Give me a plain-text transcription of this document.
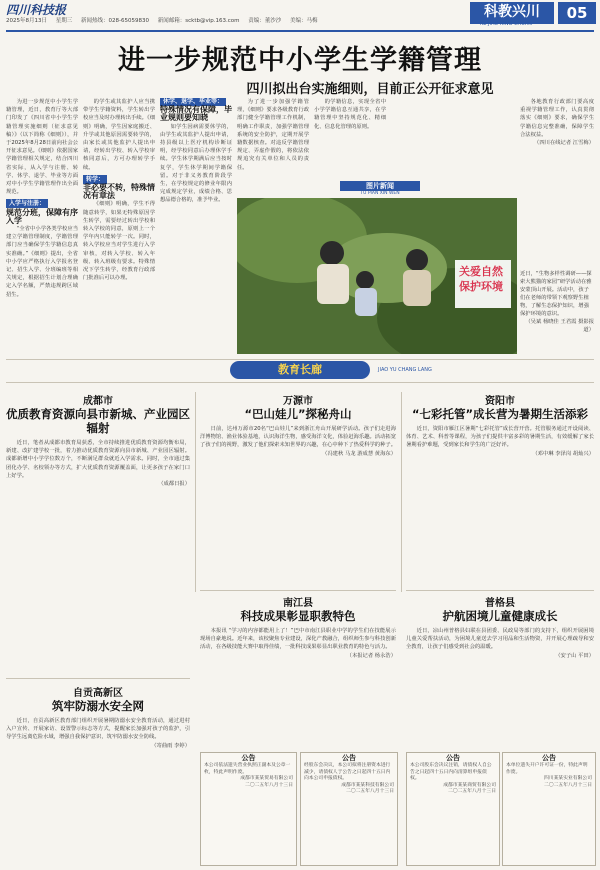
四川科技报
2025年8月13日 星期三 新闻热线：028-65059830 新闻邮箱：scktb@vip.163.com 责编：董沙沙 美编：马梅
科教兴川
KE JIAO XING CHUAN
05
进一步规范中小学生学籍管理
四川拟出台实施细则，目前正公开征求意见

为进一步规范中小学生学籍管理，近日，教育厅等大部门印发了《四川省中小学生学籍管理实施细则（征求意见稿）》（以下简称《细则》），并于2025年8月28日前向社会公开征求意见。《细则》依据国家学籍管理相关规定，结合四川省实际，从入学与注册、转学、休学、退学、毕业等方面对中小学生学籍管理作出全面规范。

入学与注册：
规范分班，保障有序入学

“全省中小学各类学校应当建立学籍管理制度，学籍管理部门应当确保学生学籍信息真实准确。”《细则》提出，全省中小学应严格执行入学报名登记、招生入学、分班编班等相关规定，根据招生计划合理确定入学名额，严禁违规跨区域招生。

的学生或其监护人应当携带学生学籍资料，学生转出学校应当及时办理转出手续。《细则》明确，学生因家庭搬迁、升学或其他原因需要转学的，由家长或其他监护人提出申请，经转出学校、转入学校审核同意后，方可办理转学手续。

转学：
非必要不转，特殊情况有章法

《细则》明确，学生不得随意转学，如果无特殊原因学生转学，需要经过转出学校和转入学校的同意，原则上一个学年内只能转学一次。同时，转入学校应当对学生进行入学审核，对转入学校、转入年级、转入班级有要求。特殊情况下学生转学，经教育行政部门批准后可以办理。

休学、退学、毕业等：
特殊情况有保障，毕业规则要知晓

如学生因病需要休学的，由学生或其监护人提出申请，持县级以上医疗机构诊断证明，经学校同意后办理休学手续。学生休学期满后应当按时复学，学生休学期间学籍保留。对于非义务教育阶段学生，在学校规定的修业年限内完成规定学业，成绩合格、思想品德合格的，准予毕业。

为了进一步加强学籍管理，《细则》要求各级教育行政部门健全学籍管理工作机制，明确工作职责，加强学籍管理系统的安全防护，定期开展学籍数据核查。对违反学籍管理规定、弄虚作假的，将依法依规追究有关单位和人员的责任。

的学籍信息，实现全省中小学学籍信息互通共享，在学籍管理中坚持规范化、精细化、信息化管理的原则。

各地教育行政部门要高度重视学籍管理工作，认真贯彻落实《细则》要求，确保学生学籍信息完整准确，保障学生合法权益。

（四川在线记者 江雪梅）
图片新闻
TU PIAN XIN WEN
关爱自然 保护环境
近日，“生物多样性调研——探索大熊猫的家园”研学活动在雅安蒙顶山开展。活动中，孩子们在老师的带领下观察野生植物，了解生态保护知识，增强保护环境的意识。
（吴斌 杨晓佳 王君霞 摄影报道）
教育长廊	JIAO YU CHANG LANG
成都市
优质教育资源向县市新城、产业园区辐射

近日，笔者从成都市教育局获悉，全市持续推进优质教育资源均衡布局，新建、改扩建学校一批，着力推动优质教育资源向县市新城、产业园区辐射。成都新增中小学学位数万个，不断满足群众就近入学需求。同时，全市通过集团化办学、名校领办等方式，扩大优质教育资源覆盖面，让更多孩子在家门口上好学。

（成都日报）
万源市
“巴山娃儿”探秘舟山

日前，达州万源市20名“巴山娃儿”来到浙江舟山开展研学活动。孩子们走进海洋博物馆、渔业体验基地，认识海洋生物，感受海洋文化，体验赶海乐趣。活动拓宽了孩子们的视野，激发了他们探索未知世界的兴趣，在心中种下了热爱科学的种子。

（冯建秋 马龙 游成慧 黄海东）
资阳市
“七彩托管”成长营为暑期生活添彩

近日，资阳市雁江区暑期“七彩托管”成长营开营。托管服务通过开设阅读、体育、艺术、科普等课程，为孩子们提供丰富多彩的暑期生活，有效缓解了家长暑期看护难题，受到家长和学生的广泛好评。

（邓中琳 李泽岗 胡灿兴）
南江县
科技成果彰显职教特色

本报讯 “学习的内容都能用上了！”巴中市南江县职业中学的学生们在技能展示现场自豪地说。近年来，该校聚焦专业建设，深化产教融合，组织师生参与科技创新活动，在各级技能大赛中取得佳绩，一批科技成果彰显出职业教育的特色与活力。

（本报记者 杨永浩）
普格县
护航困境儿童健康成长

近日，凉山州普格县妇联在县团委、民政局等部门的支持下，组织开展困境儿童关爱帮扶活动，为困境儿童送去学习用品和生活物资，并开展心理疏导和安全教育，让孩子们感受到社会的温暖。

（安子山 平田）
自贡高新区
筑牢防溺水安全网

近日，自贡高新区教育部门组织开展暑期防溺水安全教育活动，通过进村入户宣传、开展家访、设置警示标志等方式，提醒家长加强对孩子的监护，引导学生远离危险水域，增强自我保护意识，筑牢防溺水安全防线。

（寄曲雨 李婷）
公告
本公司依法遗失营业执照正副本及公章一枚，特此声明作废。
成都市某某贸易有限公司
二〇二五年八月十三日
公告
经股东会决议，本公司拟将注册资本进行减少，请债权人于公告之日起四十五日内向本公司申报债权。
成都市某某科技有限公司
二〇二五年八月十三日
公告
本公司股东会决议注销，请债权人自公告之日起四十五日内向清算组申报债权。
成都市某某商贸有限公司
二〇二五年八月十三日
公告
本单位遗失开户许可证一份，特此声明作废。
四川某某实业有限公司
二〇二五年八月十三日
